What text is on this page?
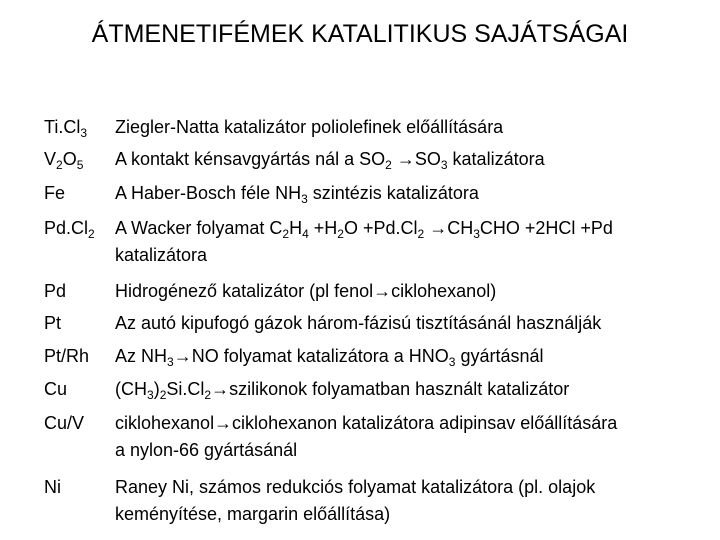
ÁTMENETIFÉMEK KATALITIKUS SAJÁTSÁGAI
$Ti.Cl_3$ Ziegler-Natta katalizátor poliolefinek előállítására
$V_2O_5$ A kontakt kénsavgyártás nál a $SO_2 \to SO_3$ katalizátora
Fe	A Haber-Bosch féle $NH_3$ szintézis katalizátora
$Pd.Cl_2$ A Wacker folyamat $C_2H_4 +H_2O +Pd.Cl_2 \to CH_3CHO +2HCl +Pd$
katalizátora
Pd	Hidrogénező katalizátor (pl fenol→ciklohexanol)
Pt	Az autó kipufogó gázok három-fázisú tisztításánál használják
Pt/Rh Az $NH_3\to NO$ folyamat katalizátora a $HNO_3$ gyártásnál
Cu	$(CH_3)_2Si.Cl_2\to szilikonok$ folyamatban használt katalizátor
Cu/V ciklohexanol→ciklohexanon katalizátora adipinsav előállítására
a nylon-66 gyártásánál
Ni	Raney Ni, számos redukciós folyamat katalizátora (pl. olajok
keményítése, margarin előállítása)
